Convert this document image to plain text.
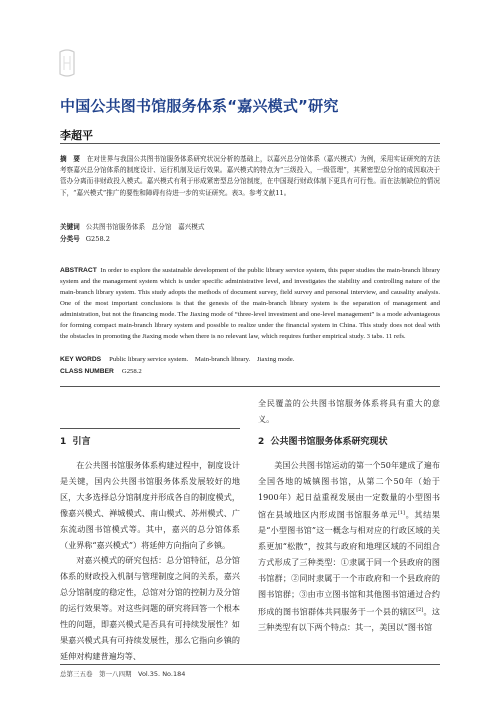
中国公共图书馆服务体系“嘉兴模式”研究
李超平
摘　要　 在对世界与我国公共图书馆服务体系研究状况分析的基础上，以嘉兴总分馆体系（嘉兴模式）为例，采用实证研究的方法考察嘉兴总分馆体系的制度设计、运行机制及运行效果。嘉兴模式的特点为“三级投入，一级管理”，其紧密型总分馆的成因取决于管办分离而非财政投入模式。嘉兴模式有利于形成紧密型总分馆制度，在中国现行财政体制下更具有可行性。而在法制缺位的情况下，“嘉兴模式”推广的要性和障碍有待进一步的实证研究。表3。参考文献11。
关键词 公共图书馆服务体系　总分馆　嘉兴模式
分类号 G258.2
ABSTRACT In order to explore the sustainable development of the public library service system, this paper studies the main-branch library system and the management system which is under specific administrative level, and investigates the stability and controlling nature of the main-branch library system. This study adopts the methods of document survey, field survey and personal interview, and causality analysis. One of the most important conclusions is that the genesis of the main-branch library system is the separation of management and administration, but not the financing mode. The Jiaxing mode of “three-level investment and one-level management” is a mode advantageous for forming compact main-branch library system and possible to realize under the financial system in China. This study does not deal with the obstacles in promoting the Jiaxing mode when there is no relevant law, which requires further empirical study. 3 tabs. 11 refs.
KEY WORDS Public library service system.　Main-branch library.　Jiaxing mode.
CLASS NUMBER G258.2
全民覆盖的公共图书馆服务体系将具有重大的意义。
1 引言	2 公共图书馆服务体系研究现状

在公共图书馆服务体系构建过程中，制度设计是关键，国内公共图书馆服务体系发展较好的地区，大多选择总分馆制度并形成各自的制度模式，像嘉兴模式、禅城模式、南山模式、苏州模式、广东流动图书馆模式等。其中，嘉兴的总分馆体系（业界称“嘉兴模式”）将延伸方向指向了乡镇。

对嘉兴模式的研究包括：总分馆特征，总分馆体系的财政投入机制与管理制度之间的关系，嘉兴总分馆制度的稳定性，总馆对分馆的控制力及分馆的运行效果等。对这些问题的研究将回答一个根本性的问题，即嘉兴模式是否具有可持续发展性？如果嘉兴模式具有可持续发展性，那么它指向乡镇的延伸对构建普遍均等、

美国公共图书馆运动的第一个50年建成了遍布全国各地的城镇图书馆，从第二个50年（始于1900年）起日益重视发展由一定数量的小型图书馆在县域地区内形成图书馆服务单元[1]。其结果是“小型图书馆”这一概念与相对应的行政区域的关系更加“松散”，按其与政府和地理区域的不同组合方式形成了三种类型：①隶属于同一个县政府的图书馆群；②同时隶属于一个市政府和一个县政府的图书馆群；③由市立图书馆和其他图书馆通过合约形成的图书馆群体共同服务于一个县的辖区[2]。这三种类型有以下两个特点：其一，美国以“图书馆

总第三五卷　第一八四期　Vol.35. No.184
